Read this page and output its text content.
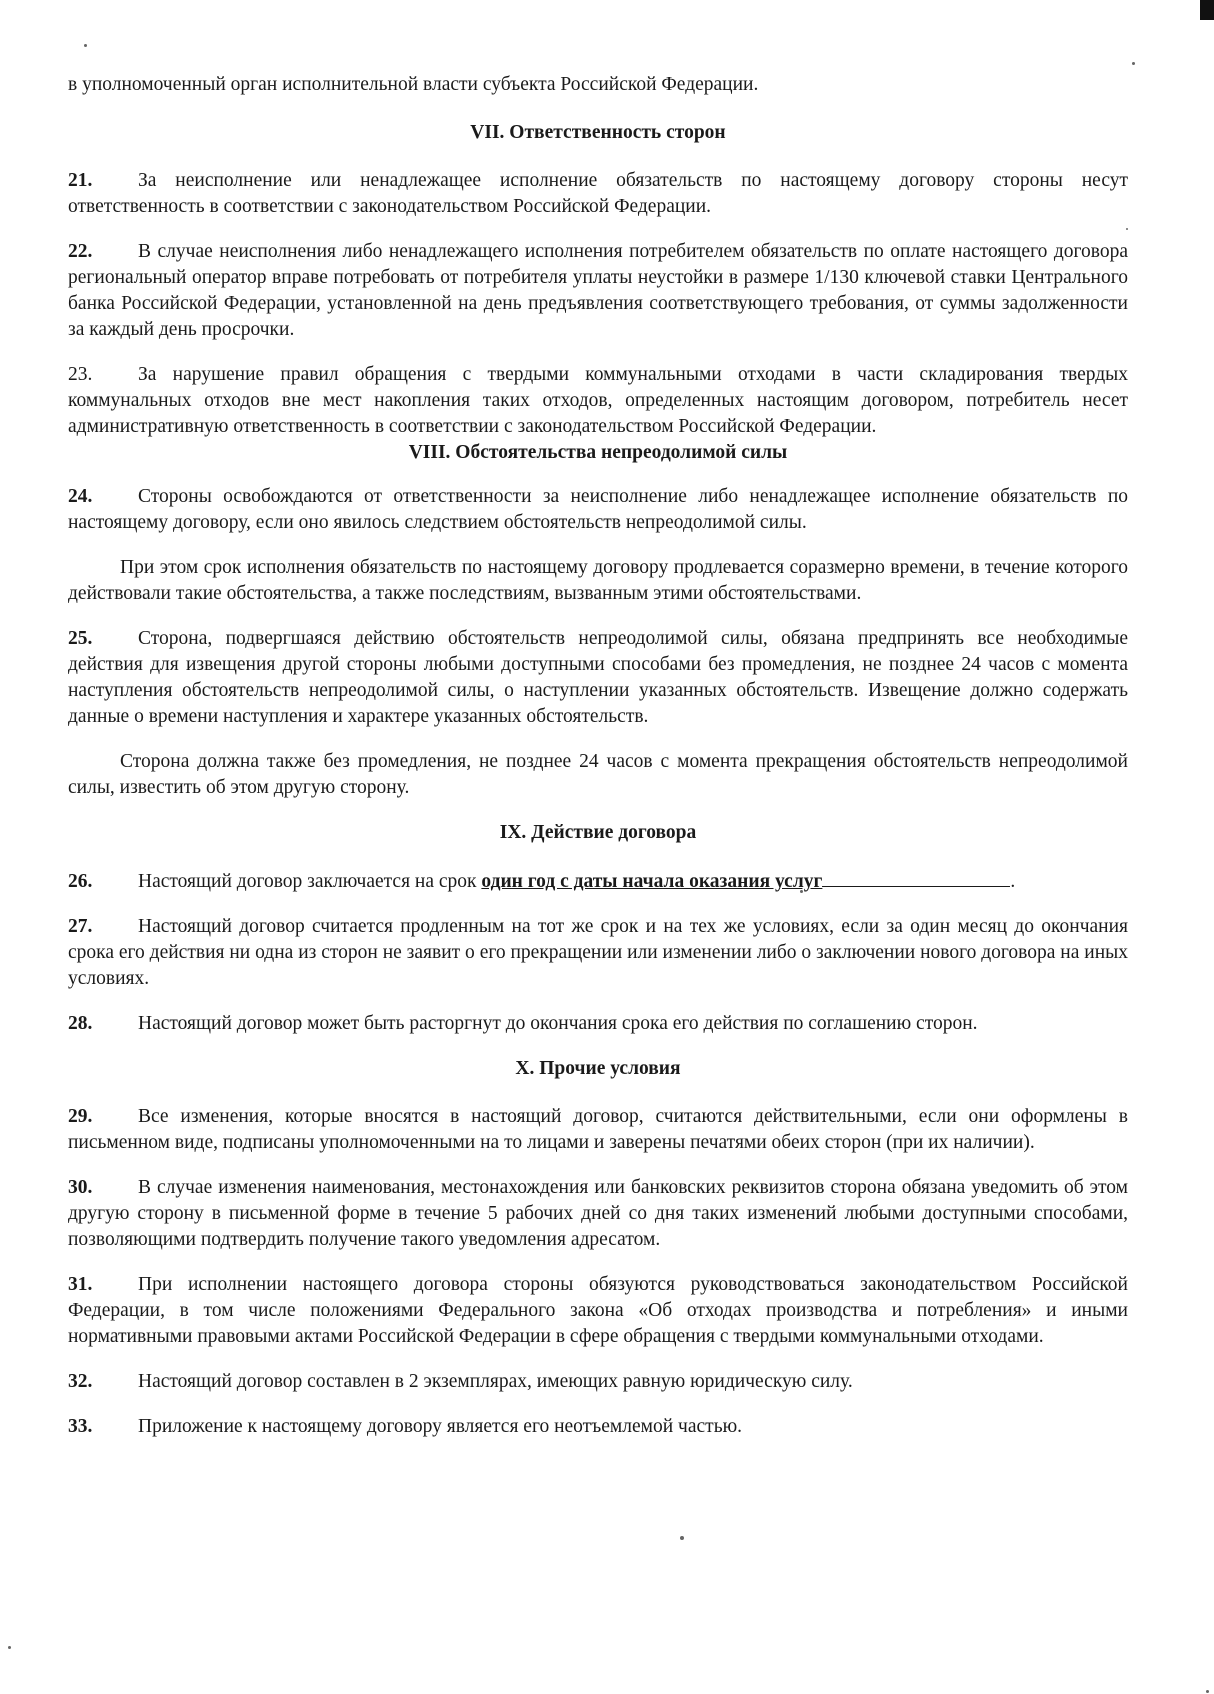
в уполномоченный орган исполнительной власти субъекта Российской Федерации.

VII. Ответственность сторон

21. За неисполнение или ненадлежащее исполнение обязательств по настоящему договору стороны несут ответственность в соответствии с законодательством Российской Федерации.

22. В случае неисполнения либо ненадлежащего исполнения потребителем обязательств по оплате настоящего договора региональный оператор вправе потребовать от потребителя уплаты неустойки в размере 1/130 ключевой ставки Центрального банка Российской Федерации, установленной на день предъявления соответствующего требования, от суммы задолженности за каждый день просрочки.

23. За нарушение правил обращения с твердыми коммунальными отходами в части складирования твердых коммунальных отходов вне мест накопления таких отходов, определенных настоящим договором, потребитель несет административную ответственность в соответствии с законодательством Российской Федерации.

VIII. Обстоятельства непреодолимой силы

24. Стороны освобождаются от ответственности за неисполнение либо ненадлежащее исполнение обязательств по настоящему договору, если оно явилось следствием обстоятельств непреодолимой силы.

При этом срок исполнения обязательств по настоящему договору продлевается соразмерно времени, в течение которого действовали такие обстоятельства, а также последствиям, вызванным этими обстоятельствами.

25. Сторона, подвергшаяся действию обстоятельств непреодолимой силы, обязана предпринять все необходимые действия для извещения другой стороны любыми доступными способами без промедления, не позднее 24 часов с момента наступления обстоятельств непреодолимой силы, о наступлении указанных обстоятельств. Извещение должно содержать данные о времени наступления и характере указанных обстоятельств.

Сторона должна также без промедления, не позднее 24 часов с момента прекращения обстоятельств непреодолимой силы, известить об этом другую сторону.

IX. Действие договора

26. Настоящий договор заключается на срок один год с даты начала оказания услуг	.

27. Настоящий договор считается продленным на тот же срок и на тех же условиях, если за один месяц до окончания срока его действия ни одна из сторон не заявит о его прекращении или изменении либо о заключении нового договора на иных условиях.

28. Настоящий договор может быть расторгнут до окончания срока его действия по соглашению сторон.

X. Прочие условия

29. Все изменения, которые вносятся в настоящий договор, считаются действительными, если они оформлены в письменном виде, подписаны уполномоченными на то лицами и заверены печатями обеих сторон (при их наличии).

30. В случае изменения наименования, местонахождения или банковских реквизитов сторона обязана уведомить об этом другую сторону в письменной форме в течение 5 рабочих дней со дня таких изменений любыми доступными способами, позволяющими подтвердить получение такого уведомления адресатом.

31. При исполнении настоящего договора стороны обязуются руководствоваться законодательством Российской Федерации, в том числе положениями Федерального закона «Об отходах производства и потребления» и иными нормативными правовыми актами Российской Федерации в сфере обращения с твердыми коммунальными отходами.

32. Настоящий договор составлен в 2 экземплярах, имеющих равную юридическую силу.

33. Приложение к настоящему договору является его неотъемлемой частью.
